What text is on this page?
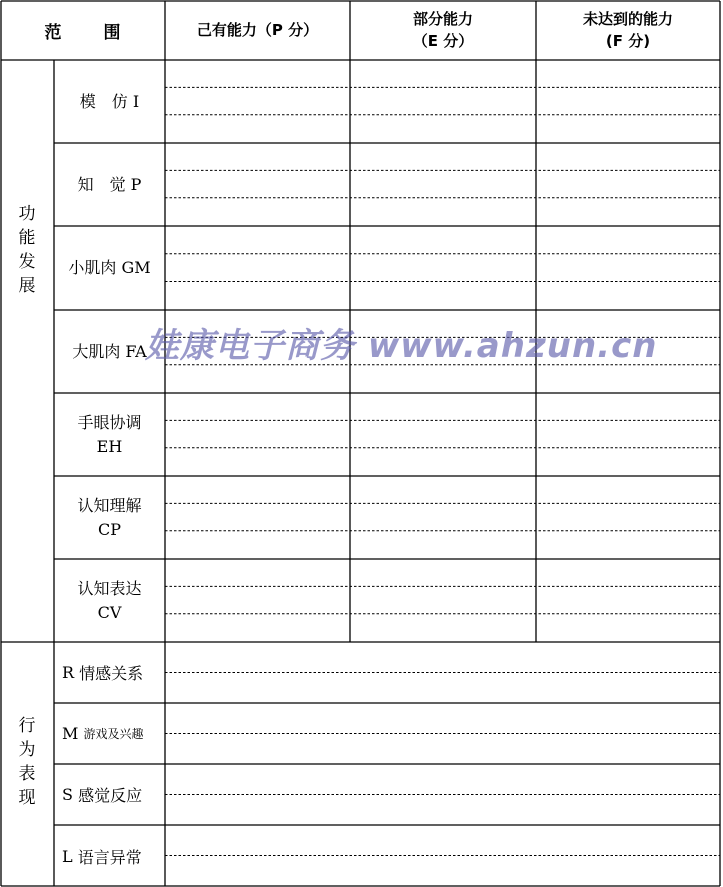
范 围	己有能力（P 分）
部分能力
（E 分）
未达到的能力
(F 分)
功能发展
模　仿 I
知　觉 P
小肌肉 GM
大肌肉 FA
手眼协调
EH
认知理解
CP
认知表达
CV
行为表现
R
情感关系
M
游戏及兴趣
S
感觉反应
L
语言异常
娃康电子商务 www.ahzun.cn
